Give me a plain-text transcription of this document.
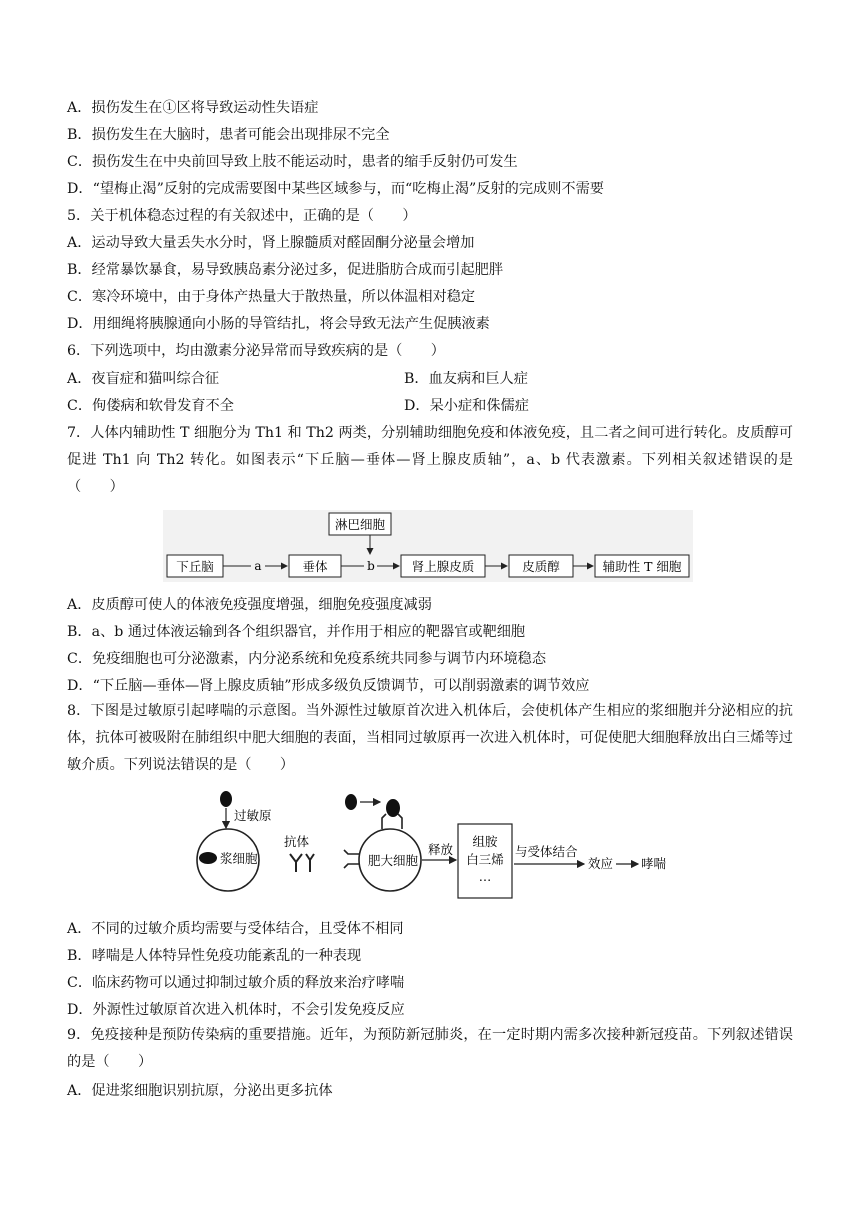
A．损伤发生在①区将导致运动性失语症
B．损伤发生在大脑时，患者可能会出现排尿不完全
C．损伤发生在中央前回导致上肢不能运动时，患者的缩手反射仍可发生
D．“望梅止渴”反射的完成需要图中某些区域参与，而“吃梅止渴”反射的完成则不需要
5．关于机体稳态过程的有关叙述中，正确的是（　　）
A．运动导致大量丢失水分时，肾上腺髓质对醛固酮分泌量会增加
B．经常暴饮暴食，易导致胰岛素分泌过多，促进脂肪合成而引起肥胖
C．寒冷环境中，由于身体产热量大于散热量，所以体温相对稳定
D．用细绳将胰腺通向小肠的导管结扎，将会导致无法产生促胰液素
6．下列选项中，均由激素分泌异常而导致疾病的是（　　）
A．夜盲症和猫叫综合征	B．血友病和巨人症
C．佝偻病和软骨发育不全	D．呆小症和侏儒症
7．人体内辅助性 T 细胞分为 Th1 和 Th2 两类，分别辅助细胞免疫和体液免疫，且二者之间可进行转化。皮质醇可促进 Th1 向 Th2 转化。如图表示“下丘脑—垂体—肾上腺皮质轴”，a、b 代表激素。下列相关叙述错误的是（　　）
淋巴细胞
下丘脑	a	垂体	b	肾上腺皮质	皮质醇	辅助性 T 细胞
A．皮质醇可使人的体液免疫强度增强，细胞免疫强度减弱
B．a、b 通过体液运输到各个组织器官，并作用于相应的靶器官或靶细胞
C．免疫细胞也可分泌激素，内分泌系统和免疫系统共同参与调节内环境稳态
D．“下丘脑—垂体—肾上腺皮质轴”形成多级负反馈调节，可以削弱激素的调节效应
8．下图是过敏原引起哮喘的示意图。当外源性过敏原首次进入机体后，会使机体产生相应的浆细胞并分泌相应的抗体，抗体可被吸附在肺组织中肥大细胞的表面，当相同过敏原再一次进入机体时，可促使肥大细胞释放出白三烯等过敏介质。下列说法错误的是（　　）
过敏原
浆细胞
抗体
肥大细胞
释放
组胺
白三烯
…
与受体结合
效应 哮喘
A．不同的过敏介质均需要与受体结合，且受体不相同
B．哮喘是人体特异性免疫功能紊乱的一种表现
C．临床药物可以通过抑制过敏介质的释放来治疗哮喘
D．外源性过敏原首次进入机体时，不会引发免疫反应
9．免疫接种是预防传染病的重要措施。近年，为预防新冠肺炎，在一定时期内需多次接种新冠疫苗。下列叙述错误的是（　　）
A．促进浆细胞识别抗原，分泌出更多抗体
